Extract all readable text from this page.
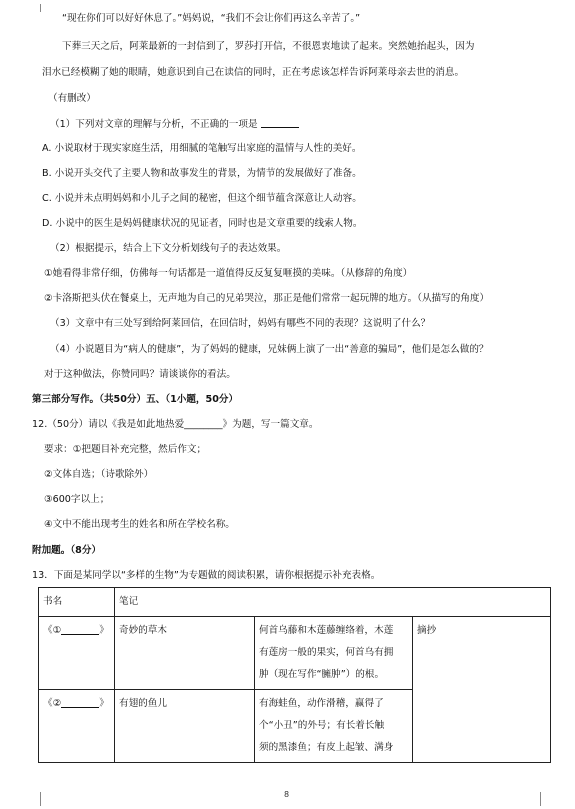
“现在你们可以好好休息了。”妈妈说，“我们不会让你们再这么辛苦了。”
下葬三天之后，阿莱最新的一封信到了，罗莎打开信，不很恩衷地读了起来。突然她抬起头，因为
泪水已经模糊了她的眼睛，她意识到自己在读信的同时，正在考虑该怎样告诉阿莱母亲去世的消息。
（有删改）
（1）下列对文章的理解与分析，不正确的一项是
A. 小说取材于现实家庭生活，用细腻的笔触写出家庭的温情与人性的美好。
B. 小说开头交代了主要人物和故事发生的背景，为情节的发展做好了准备。
C. 小说并未点明妈妈和小儿子之间的秘密，但这个细节蕴含深意让人动容。
D. 小说中的医生是妈妈健康状况的见证者，同时也是文章重要的线索人物。
（2）根据提示，结合上下文分析划线句子的表达效果。
①她看得非常仔细，仿佛每一句话都是一道值得反反复复咂摸的美味。（从修辞的角度）
②卡洛斯把头伏在餐桌上，无声地为自己的兄弟哭泣，那正是他们常常一起玩牌的地方。（从描写的角度）
（3）文章中有三处写到给阿莱回信，在回信时，妈妈有哪些不同的表现？这说明了什么？
（4）小说题目为“病人的健康”，为了妈妈的健康，兄妹俩上演了一出“善意的骗局”，他们是怎么做的？
对于这种做法，你赞同吗？请谈谈你的看法。
第三部分写作。（共50分）五、（1小题，50分）
12.（50分）请以《我是如此地热爱________》为题，写一篇文章。
要求：①把题目补充完整，然后作文；
②文体自选；（诗歌除外）
③600字以上；
④文中不能出现考生的姓名和所在学校名称。
附加题。（8分）
13．下面是某同学以“多样的生物”为专题做的阅读积累，请你根据提示补充表格。
书名	笔记		
《① 》	奇妙的草木	何首乌藤和木莲藤缠络着，木莲
有莲房一般的果实，何首乌有拥
肿（现在写作“臃肿”）的根。	摘抄
《② 》	有翅的鱼儿	有海蛙鱼，动作滑稽，赢得了
个“小丑”的外号；有长着长触
须的黑漆鱼；有皮上起皱、满身	
8
